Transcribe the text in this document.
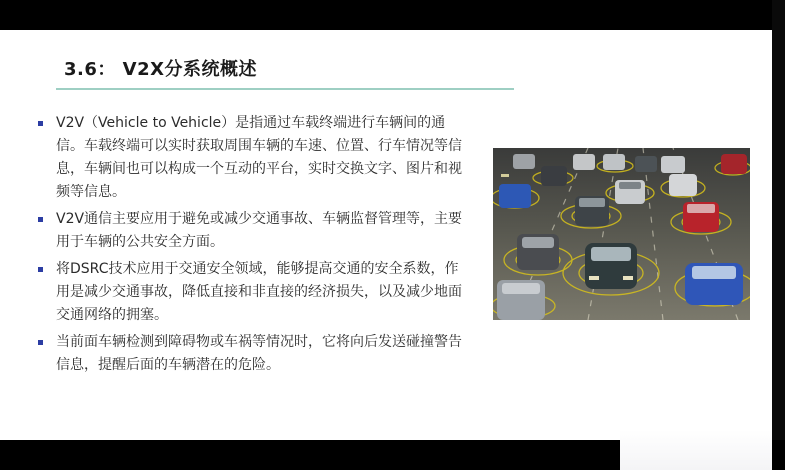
3.6： V2X分系统概述
V2V（Vehicle to Vehicle）是指通过车载终端进行车辆间的通信。车载终端可以实时获取周围车辆的车速、位置、行车情况等信息，车辆间也可以构成一个互动的平台，实时交换文字、图片和视频等信息。
V2V通信主要应用于避免或减少交通事故、车辆监督管理等，主要用于车辆的公共安全方面。
将DSRC技术应用于交通安全领域，能够提高交通的安全系数，作用是减少交通事故，降低直接和非直接的经济损失，以及减少地面交通网络的拥塞。
当前面车辆检测到障碍物或车祸等情况时，它将向后发送碰撞警告信息，提醒后面的车辆潜在的危险。
